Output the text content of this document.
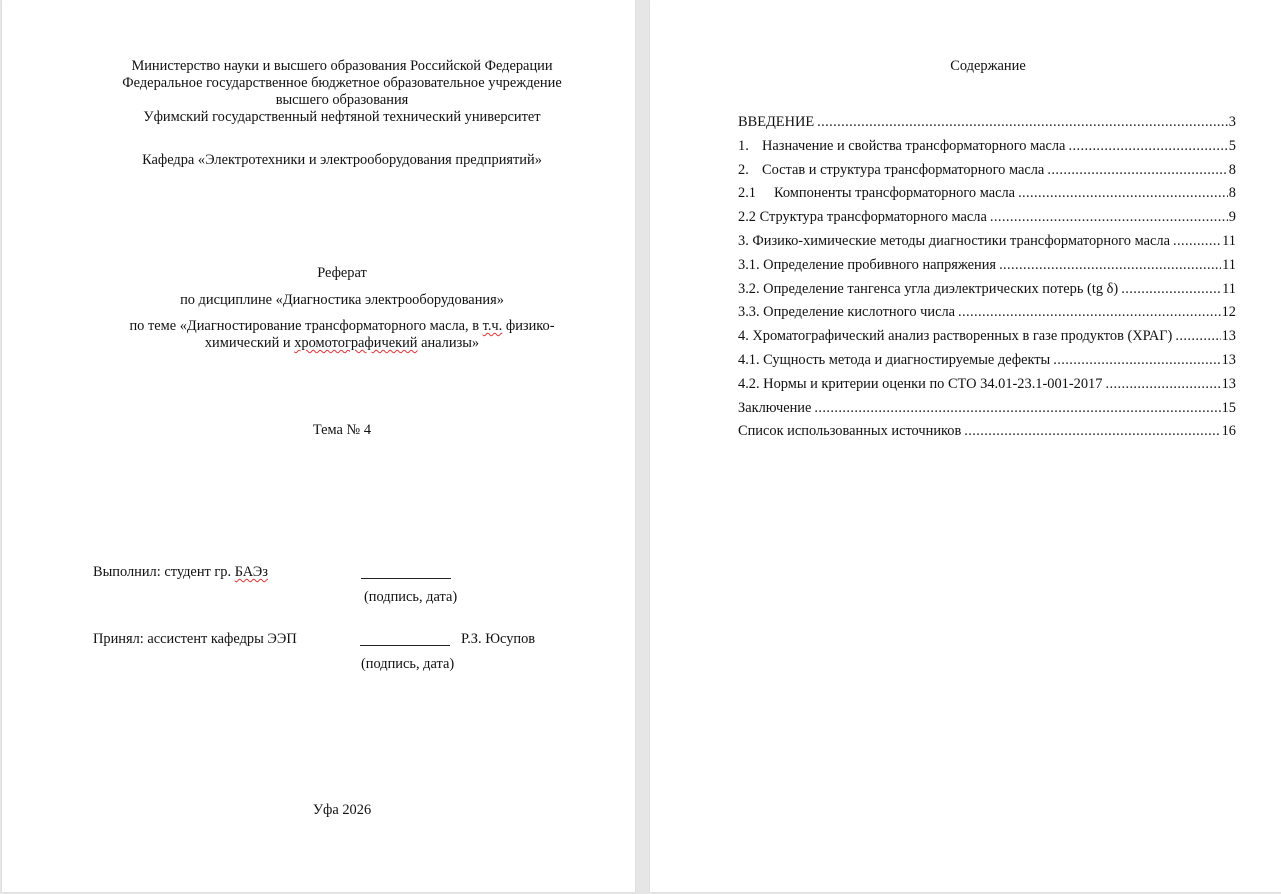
Министерство науки и высшего образования Российской Федерации
Федеральное государственное бюджетное образовательное учреждение
высшего образования
Уфимский государственный нефтяной технический университет
Кафедра «Электротехники и электрооборудования предприятий»
Реферат
по дисциплине «Диагностика электрооборудования»
по теме «Диагностирование трансформаторного масла, в т.ч. физико-
химический и хромотографичекий анализы»
Тема № 4
Выполнил: студент гр. БАЭз
(подпись, дата)
Принял: ассистент кафедры ЭЭП	Р.З. Юсупов
(подпись, дата)
Уфа 2026
Содержание
ВВЕДЕНИЕ .....	3
1. Назначение и свойства трансформаторного масла .....	5
2. Состав и структура трансформаторного масла .....	8
2.1	Компоненты трансформаторного масла .....	8
2.2 Структура трансформаторного масла .....	9
3. Физико-химические методы диагностики трансформаторного масла .....	11
3.1. Определение пробивного напряжения .....	11
3.2. Определение тангенса угла диэлектрических потерь (tg δ) .....	11
3.3. Определение кислотного числа .....	12
4. Хроматографический анализ растворенных в газе продуктов (ХРАГ) .....	13
4.1. Сущность метода и диагностируемые дефекты .....	13
4.2. Нормы и критерии оценки по СТО 34.01-23.1-001-2017 .....	13
Заключение .....	15
Список использованных источников .....	16
